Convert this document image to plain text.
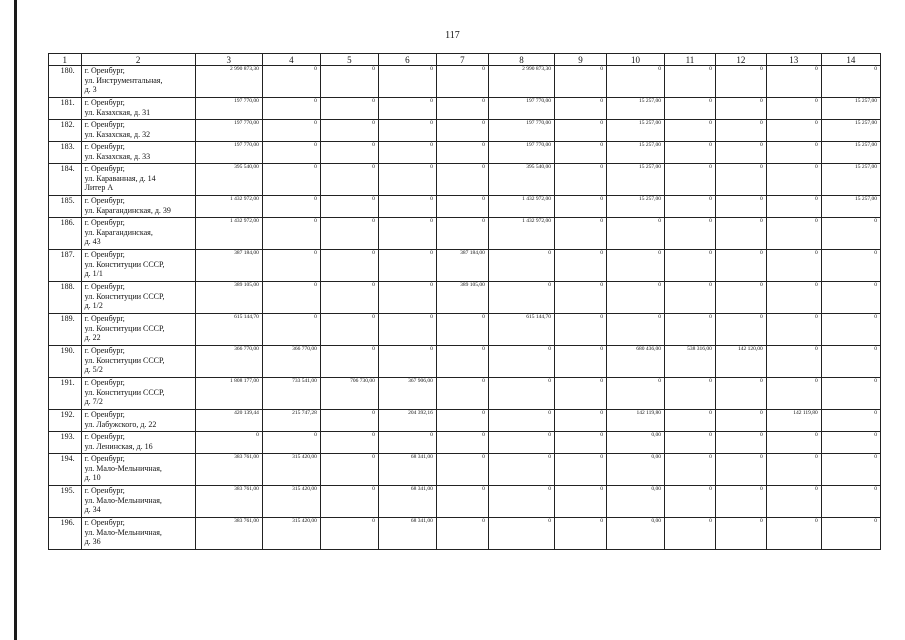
117
1	2	3	4	5	6	7	8	9	10	11	12	13	14
180.	г. Оренбург,
ул. Инструментальная,
д. 3	2 990 873,30	0	0	0	0	2 990 873,30	0	0	0	0	0	0
181.	г. Оренбург,
ул. Казахская, д. 31	197 770,00	0	0	0	0	197 770,00	0	15 257,00	0	0	0	15 257,00
182.	г. Оренбург,
ул. Казахская, д. 32	197 770,00	0	0	0	0	197 770,00	0	15 257,00	0	0	0	15 257,00
183.	г. Оренбург,
ул. Казахская, д. 33	197 770,00	0	0	0	0	197 770,00	0	15 257,00	0	0	0	15 257,00
184.	г. Оренбург,
ул. Караванная, д. 14
Литер А	395 540,00	0	0	0	0	395 540,00	0	15 257,00	0	0	0	15 257,00
185.	г. Оренбург,
ул. Карагандинская, д. 39	1 432 972,00	0	0	0	0	1 432 972,00	0	15 257,00	0	0	0	15 257,00
186.	г. Оренбург,
ул. Карагандинская,
д. 43	1 432 972,00	0	0	0	0	1 432 972,00	0	0	0	0	0	0
187.	г. Оренбург,
ул. Конституции СССР,
д. 1/1	387 184,00	0	0	0	387 184,00	0	0	0	0	0	0	0
188.	г. Оренбург,
ул. Конституции СССР,
д. 1/2	389 105,00	0	0	0	389 105,00	0	0	0	0	0	0	0
189.	г. Оренбург,
ул. Конституции СССР,
д. 22	615 144,70	0	0	0	0	615 144,70	0	0	0	0	0	0
190.	г. Оренбург,
ул. Конституции СССР,
д. 5/2	366 770,00	366 770,00	0	0	0	0	0	680 436,00	538 316,00	142 120,00	0	0
191.	г. Оренбург,
ул. Конституции СССР,
д. 7/2	1 808 177,00	733 541,00	706 730,00	367 906,00	0	0	0	0	0	0	0	0
192.	г. Оренбург,
ул. Лабужского, д. 22	420 139,44	215 747,28	0	204 392,16	0	0	0	142 119,80	0	0	142 119,80	0
193.	г. Оренбург,
ул. Ленинская, д. 16	0	0	0	0	0	0	0	0,00	0	0	0	0
194.	г. Оренбург,
ул. Мало-Мельничная,
д. 10	383 761,00	315 420,00	0	68 341,00	0	0	0	0,00	0	0	0	0
195.	г. Оренбург,
ул. Мало-Мельничная,
д. 34	383 761,00	315 420,00	0	68 341,00	0	0	0	0,00	0	0	0	0
196.	г. Оренбург,
ул. Мало-Мельничная,
д. 36	383 761,00	315 420,00	0	68 341,00	0	0	0	0,00	0	0	0	0
